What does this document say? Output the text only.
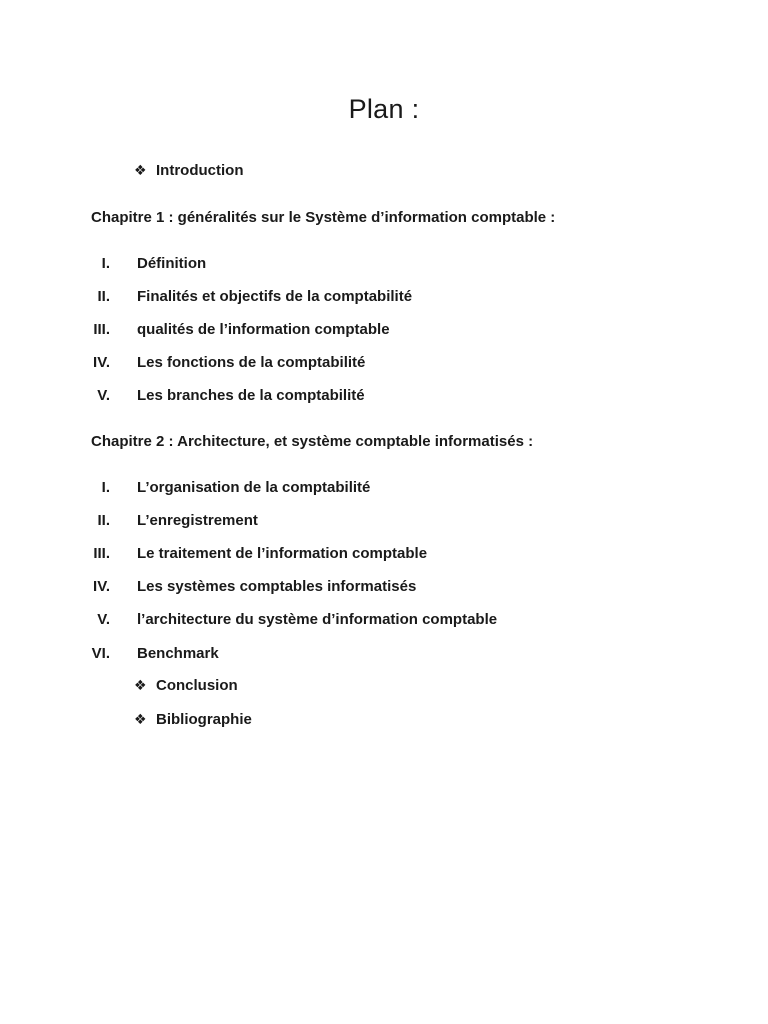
Plan :
❖ Introduction
Chapitre 1 : généralités sur le Système d’information comptable :
I. Définition
II. Finalités et objectifs de la comptabilité
III. qualités de l’information comptable
IV. Les fonctions de la comptabilité
V. Les branches de la comptabilité
Chapitre 2 : Architecture, et système comptable informatisés :
I. L’organisation de la comptabilité
II. L’enregistrement
III. Le traitement de l’information comptable
IV. Les systèmes comptables informatisés
V. l’architecture du système d’information comptable
VI. Benchmark
❖ Conclusion
❖ Bibliographie
